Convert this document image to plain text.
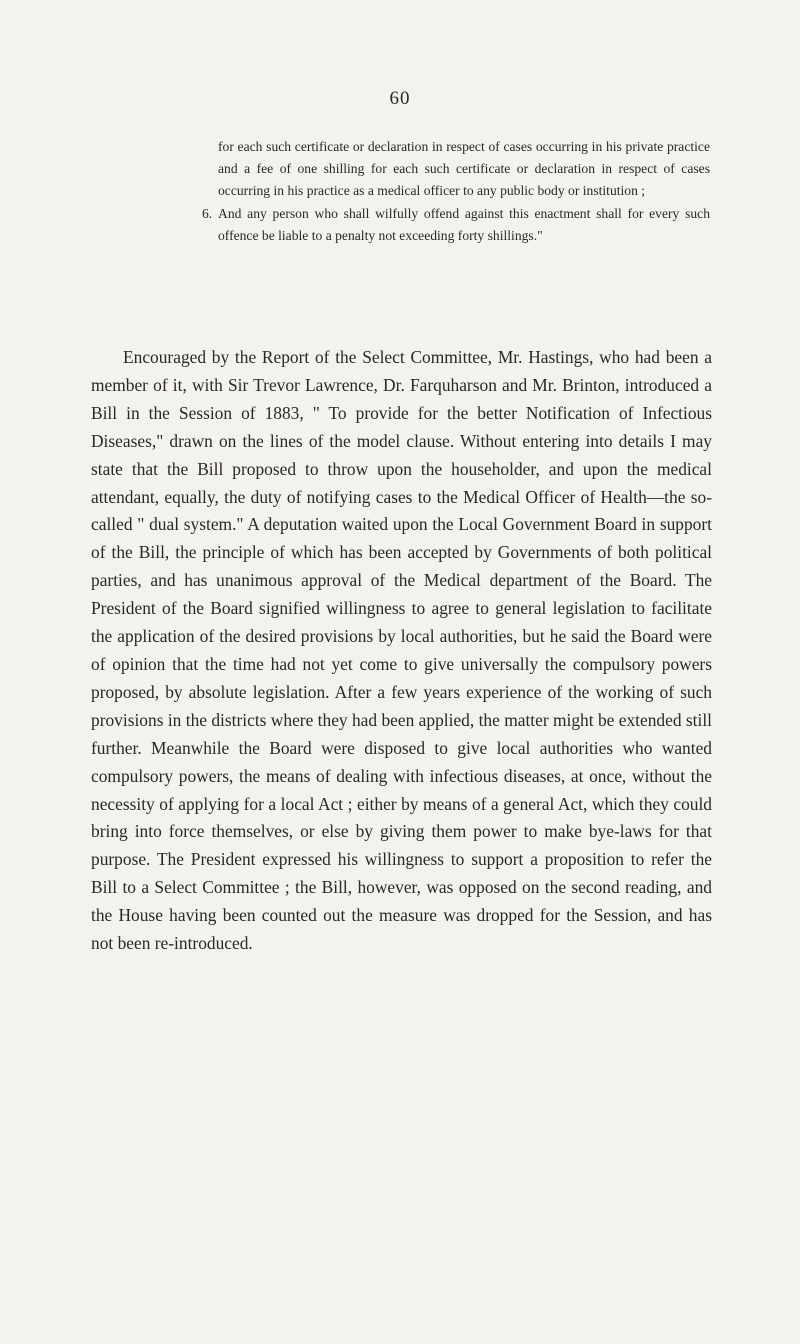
60

for each such certificate or declaration in respect of cases occurring in his private practice and a fee of one shilling for each such certificate or declaration in respect of cases occurring in his practice as a medical officer to any public body or institution ;

6. And any person who shall wilfully offend against this enactment shall for every such offence be liable to a penalty not exceeding forty shillings."

Encouraged by the Report of the Select Committee, Mr. Hastings, who had been a member of it, with Sir Trevor Lawrence, Dr. Farquharson and Mr. Brinton, introduced a Bill in the Session of 1883, " To provide for the better Notification of Infectious Diseases," drawn on the lines of the model clause. Without entering into details I may state that the Bill proposed to throw upon the householder, and upon the medical attendant, equally, the duty of notifying cases to the Medical Officer of Health—the so-called " dual system." A deputation waited upon the Local Government Board in support of the Bill, the principle of which has been accepted by Governments of both political parties, and has unanimous approval of the Medical department of the Board. The President of the Board signified willingness to agree to general legislation to facilitate the application of the desired provisions by local authorities, but he said the Board were of opinion that the time had not yet come to give universally the compulsory powers proposed, by absolute legislation. After a few years experience of the working of such provisions in the districts where they had been applied, the matter might be extended still further. Meanwhile the Board were disposed to give local authorities who wanted compulsory powers, the means of dealing with infectious diseases, at once, without the necessity of applying for a local Act ; either by means of a general Act, which they could bring into force themselves, or else by giving them power to make bye-laws for that purpose. The President expressed his willingness to support a proposition to refer the Bill to a Select Committee ; the Bill, however, was opposed on the second reading, and the House having been counted out the measure was dropped for the Session, and has not been re-introduced.
